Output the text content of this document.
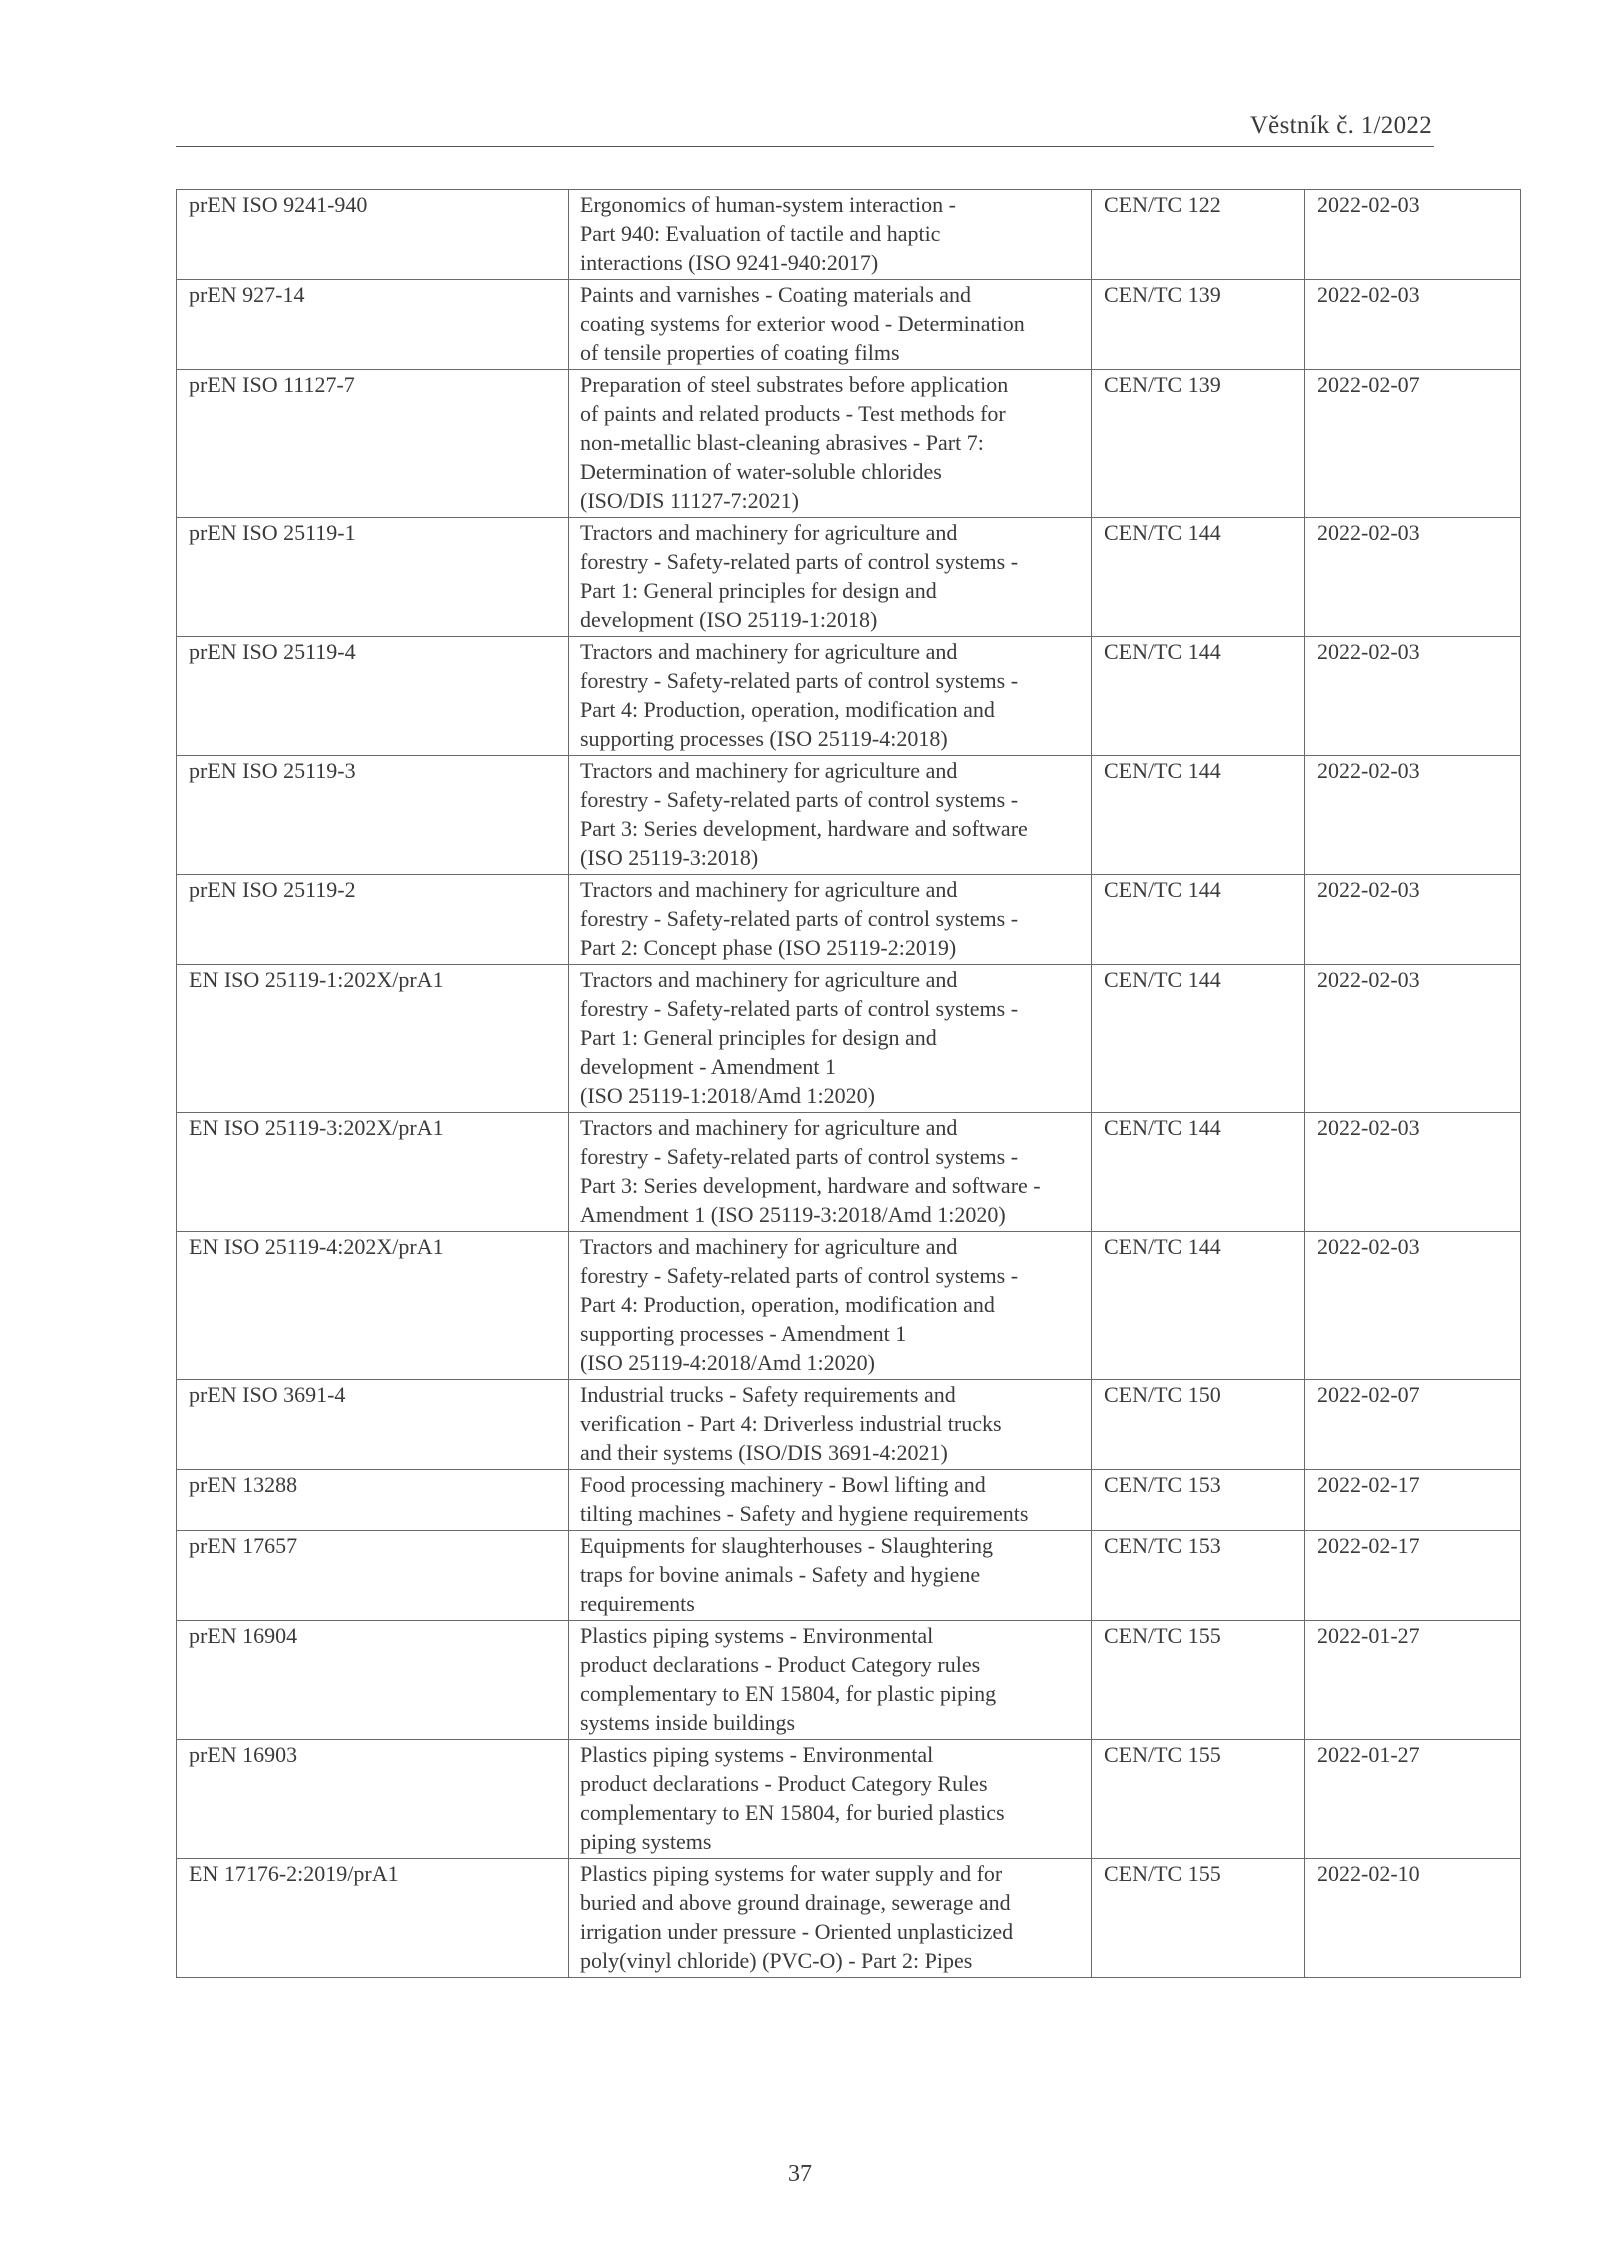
Věstník č. 1/2022
prEN ISO 9241-940	Ergonomics of human-system interaction -
Part 940: Evaluation of tactile and haptic
interactions (ISO 9241-940:2017)	CEN/TC 122	2022-02-03
prEN 927-14	Paints and varnishes - Coating materials and
coating systems for exterior wood - Determination
of tensile properties of coating films	CEN/TC 139	2022-02-03
prEN ISO 11127-7	Preparation of steel substrates before application
of paints and related products - Test methods for
non-metallic blast-cleaning abrasives - Part 7:
Determination of water-soluble chlorides
(ISO/DIS 11127-7:2021)	CEN/TC 139	2022-02-07
prEN ISO 25119-1	Tractors and machinery for agriculture and
forestry - Safety-related parts of control systems -
Part 1: General principles for design and
development (ISO 25119-1:2018)	CEN/TC 144	2022-02-03
prEN ISO 25119-4	Tractors and machinery for agriculture and
forestry - Safety-related parts of control systems -
Part 4: Production, operation, modification and
supporting processes (ISO 25119-4:2018)	CEN/TC 144	2022-02-03
prEN ISO 25119-3	Tractors and machinery for agriculture and
forestry - Safety-related parts of control systems -
Part 3: Series development, hardware and software
(ISO 25119-3:2018)	CEN/TC 144	2022-02-03
prEN ISO 25119-2	Tractors and machinery for agriculture and
forestry - Safety-related parts of control systems -
Part 2: Concept phase (ISO 25119-2:2019)	CEN/TC 144	2022-02-03
EN ISO 25119-1:202X/prA1	Tractors and machinery for agriculture and
forestry - Safety-related parts of control systems -
Part 1: General principles for design and
development - Amendment 1
(ISO 25119-1:2018/Amd 1:2020)	CEN/TC 144	2022-02-03
EN ISO 25119-3:202X/prA1	Tractors and machinery for agriculture and
forestry - Safety-related parts of control systems -
Part 3: Series development, hardware and software -
Amendment 1 (ISO 25119-3:2018/Amd 1:2020)	CEN/TC 144	2022-02-03
EN ISO 25119-4:202X/prA1	Tractors and machinery for agriculture and
forestry - Safety-related parts of control systems -
Part 4: Production, operation, modification and
supporting processes - Amendment 1
(ISO 25119-4:2018/Amd 1:2020)	CEN/TC 144	2022-02-03
prEN ISO 3691-4	Industrial trucks - Safety requirements and
verification - Part 4: Driverless industrial trucks
and their systems (ISO/DIS 3691-4:2021)	CEN/TC 150	2022-02-07
prEN 13288	Food processing machinery - Bowl lifting and
tilting machines - Safety and hygiene requirements	CEN/TC 153	2022-02-17
prEN 17657	Equipments for slaughterhouses - Slaughtering
traps for bovine animals - Safety and hygiene
requirements	CEN/TC 153	2022-02-17
prEN 16904	Plastics piping systems - Environmental
product declarations - Product Category rules
complementary to EN 15804, for plastic piping
systems inside buildings	CEN/TC 155	2022-01-27
prEN 16903	Plastics piping systems - Environmental
product declarations - Product Category Rules
complementary to EN 15804, for buried plastics
piping systems	CEN/TC 155	2022-01-27
EN 17176-2:2019/prA1	Plastics piping systems for water supply and for
buried and above ground drainage, sewerage and
irrigation under pressure - Oriented unplasticized
poly(vinyl chloride) (PVC-O) - Part 2: Pipes	CEN/TC 155	2022-02-10
37
